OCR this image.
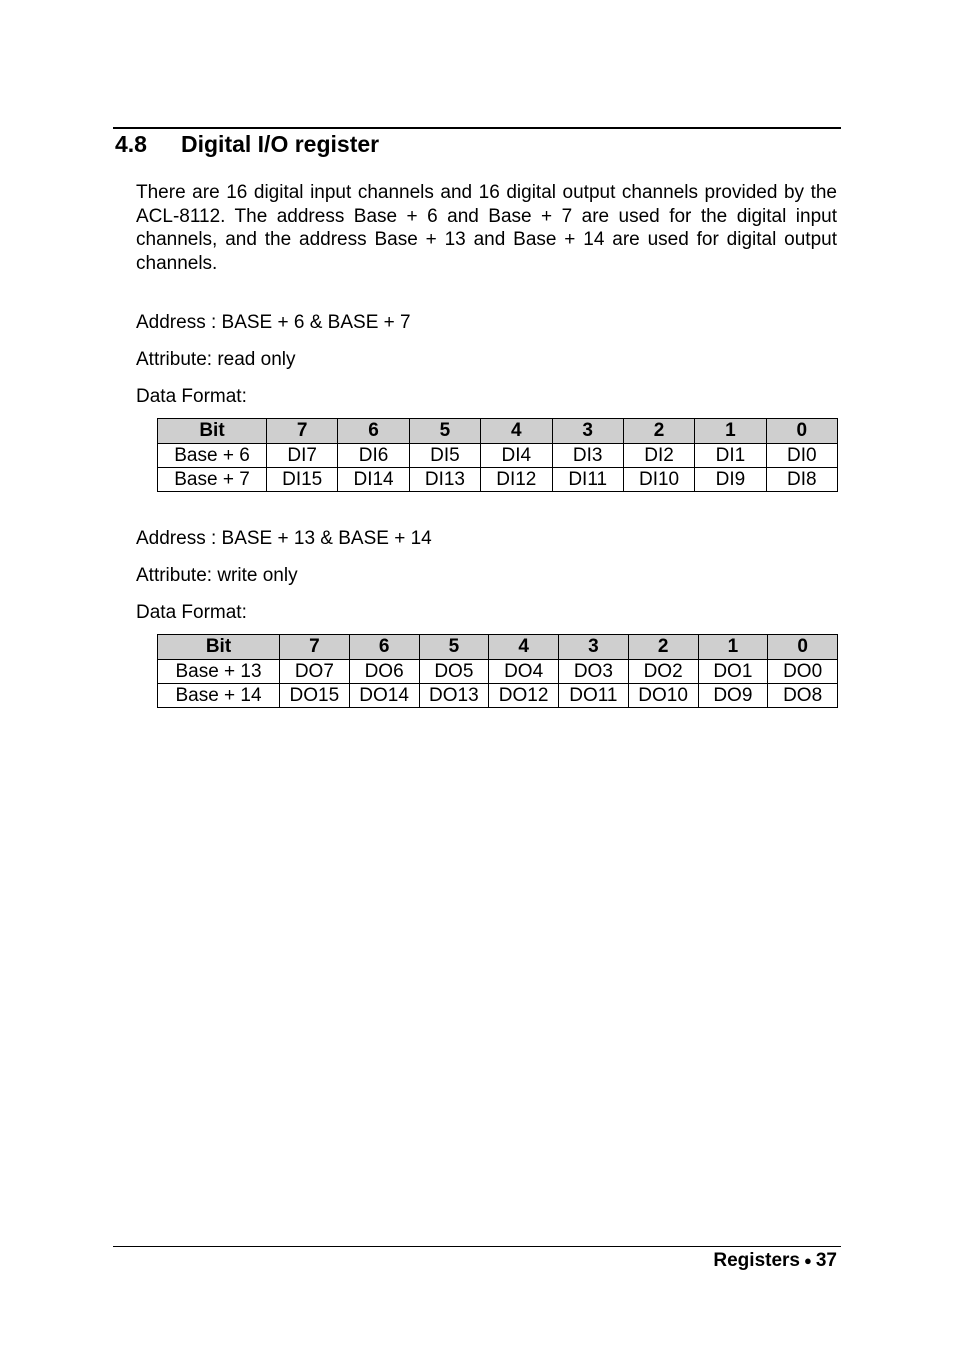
4.8 Digital I/O register

There are 16 digital input channels and 16 digital output channels provided by the ACL-8112. The address Base + 6 and Base + 7 are used for the digital input channels, and the address Base + 13 and Base + 14 are used for digital output channels.

Address : BASE + 6 & BASE + 7
Attribute: read only
Data Format:
Bit	7	6	5	4	3	2	1	0
Base + 6	DI7	DI6	DI5	DI4	DI3	DI2	DI1	DI0
Base + 7	DI15	DI14	DI13	DI12	DI11	DI10	DI9	DI8
Address : BASE + 13 & BASE + 14
Attribute: write only
Data Format:
Bit	7	6	5	4	3	2	1	0
Base + 13	DO7	DO6	DO5	DO4	DO3	DO2	DO1	DO0
Base + 14	DO15	DO14	DO13	DO12	DO11	DO10	DO9	DO8
Registers ● 37
